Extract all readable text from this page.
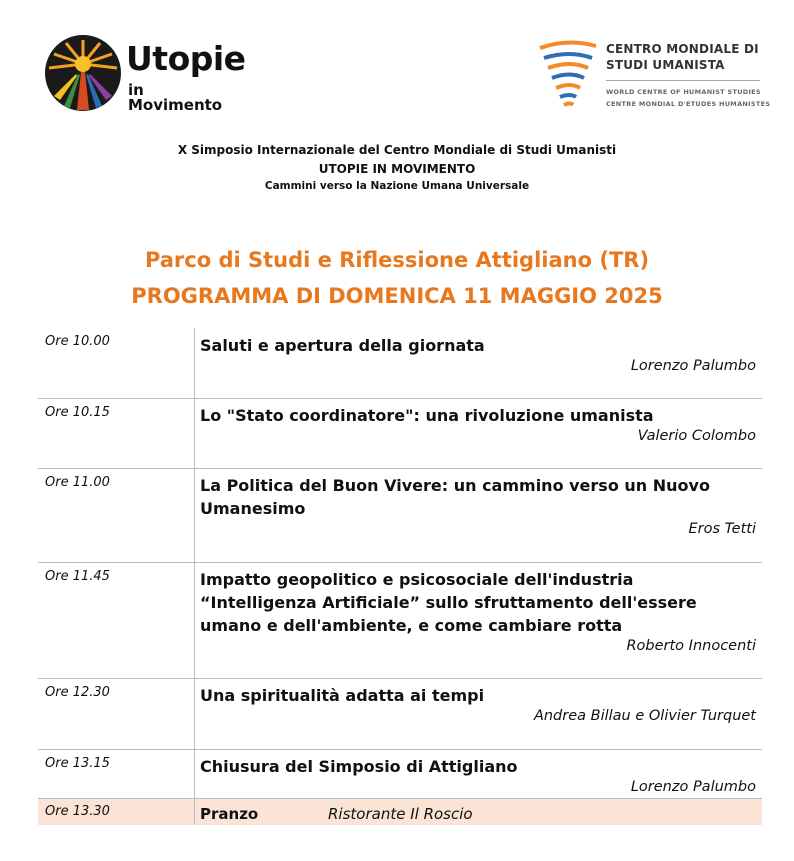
Utopie
in Movimento
CENTRO MONDIALE DI
STUDI UMANISTA
WORLD CENTRE OF HUMANIST STUDIES
CENTRE MONDIAL D'ETUDES HUMANISTES
X Simposio Internazionale del Centro Mondiale di Studi Umanisti
UTOPIE IN MOVIMENTO
Cammini verso la Nazione Umana Universale
Parco di Studi e Riflessione Attigliano (TR)
PROGRAMMA DI DOMENICA 11 MAGGIO 2025
Ore 10.00	Saluti e apertura della giornata
Lorenzo Palumbo
Ore 10.15	Lo "Stato coordinatore": una rivoluzione umanista
Valerio Colombo
Ore 11.00	La Politica del Buon Vivere: un cammino verso un Nuovo
Umanesimo
Eros Tetti
Ore 11.45	Impatto geopolitico e psicosociale dell'industria
“Intelligenza Artificiale” sullo sfruttamento dell'essere
umano e dell'ambiente, e come cambiare rotta
Roberto Innocenti
Ore 12.30	Una spiritualità adatta ai tempi
Andrea Billau e Olivier Turquet
Ore 13.15	Chiusura del Simposio di Attigliano
Lorenzo Palumbo
Ore 13.30	Pranzo	Ristorante Il Roscio
